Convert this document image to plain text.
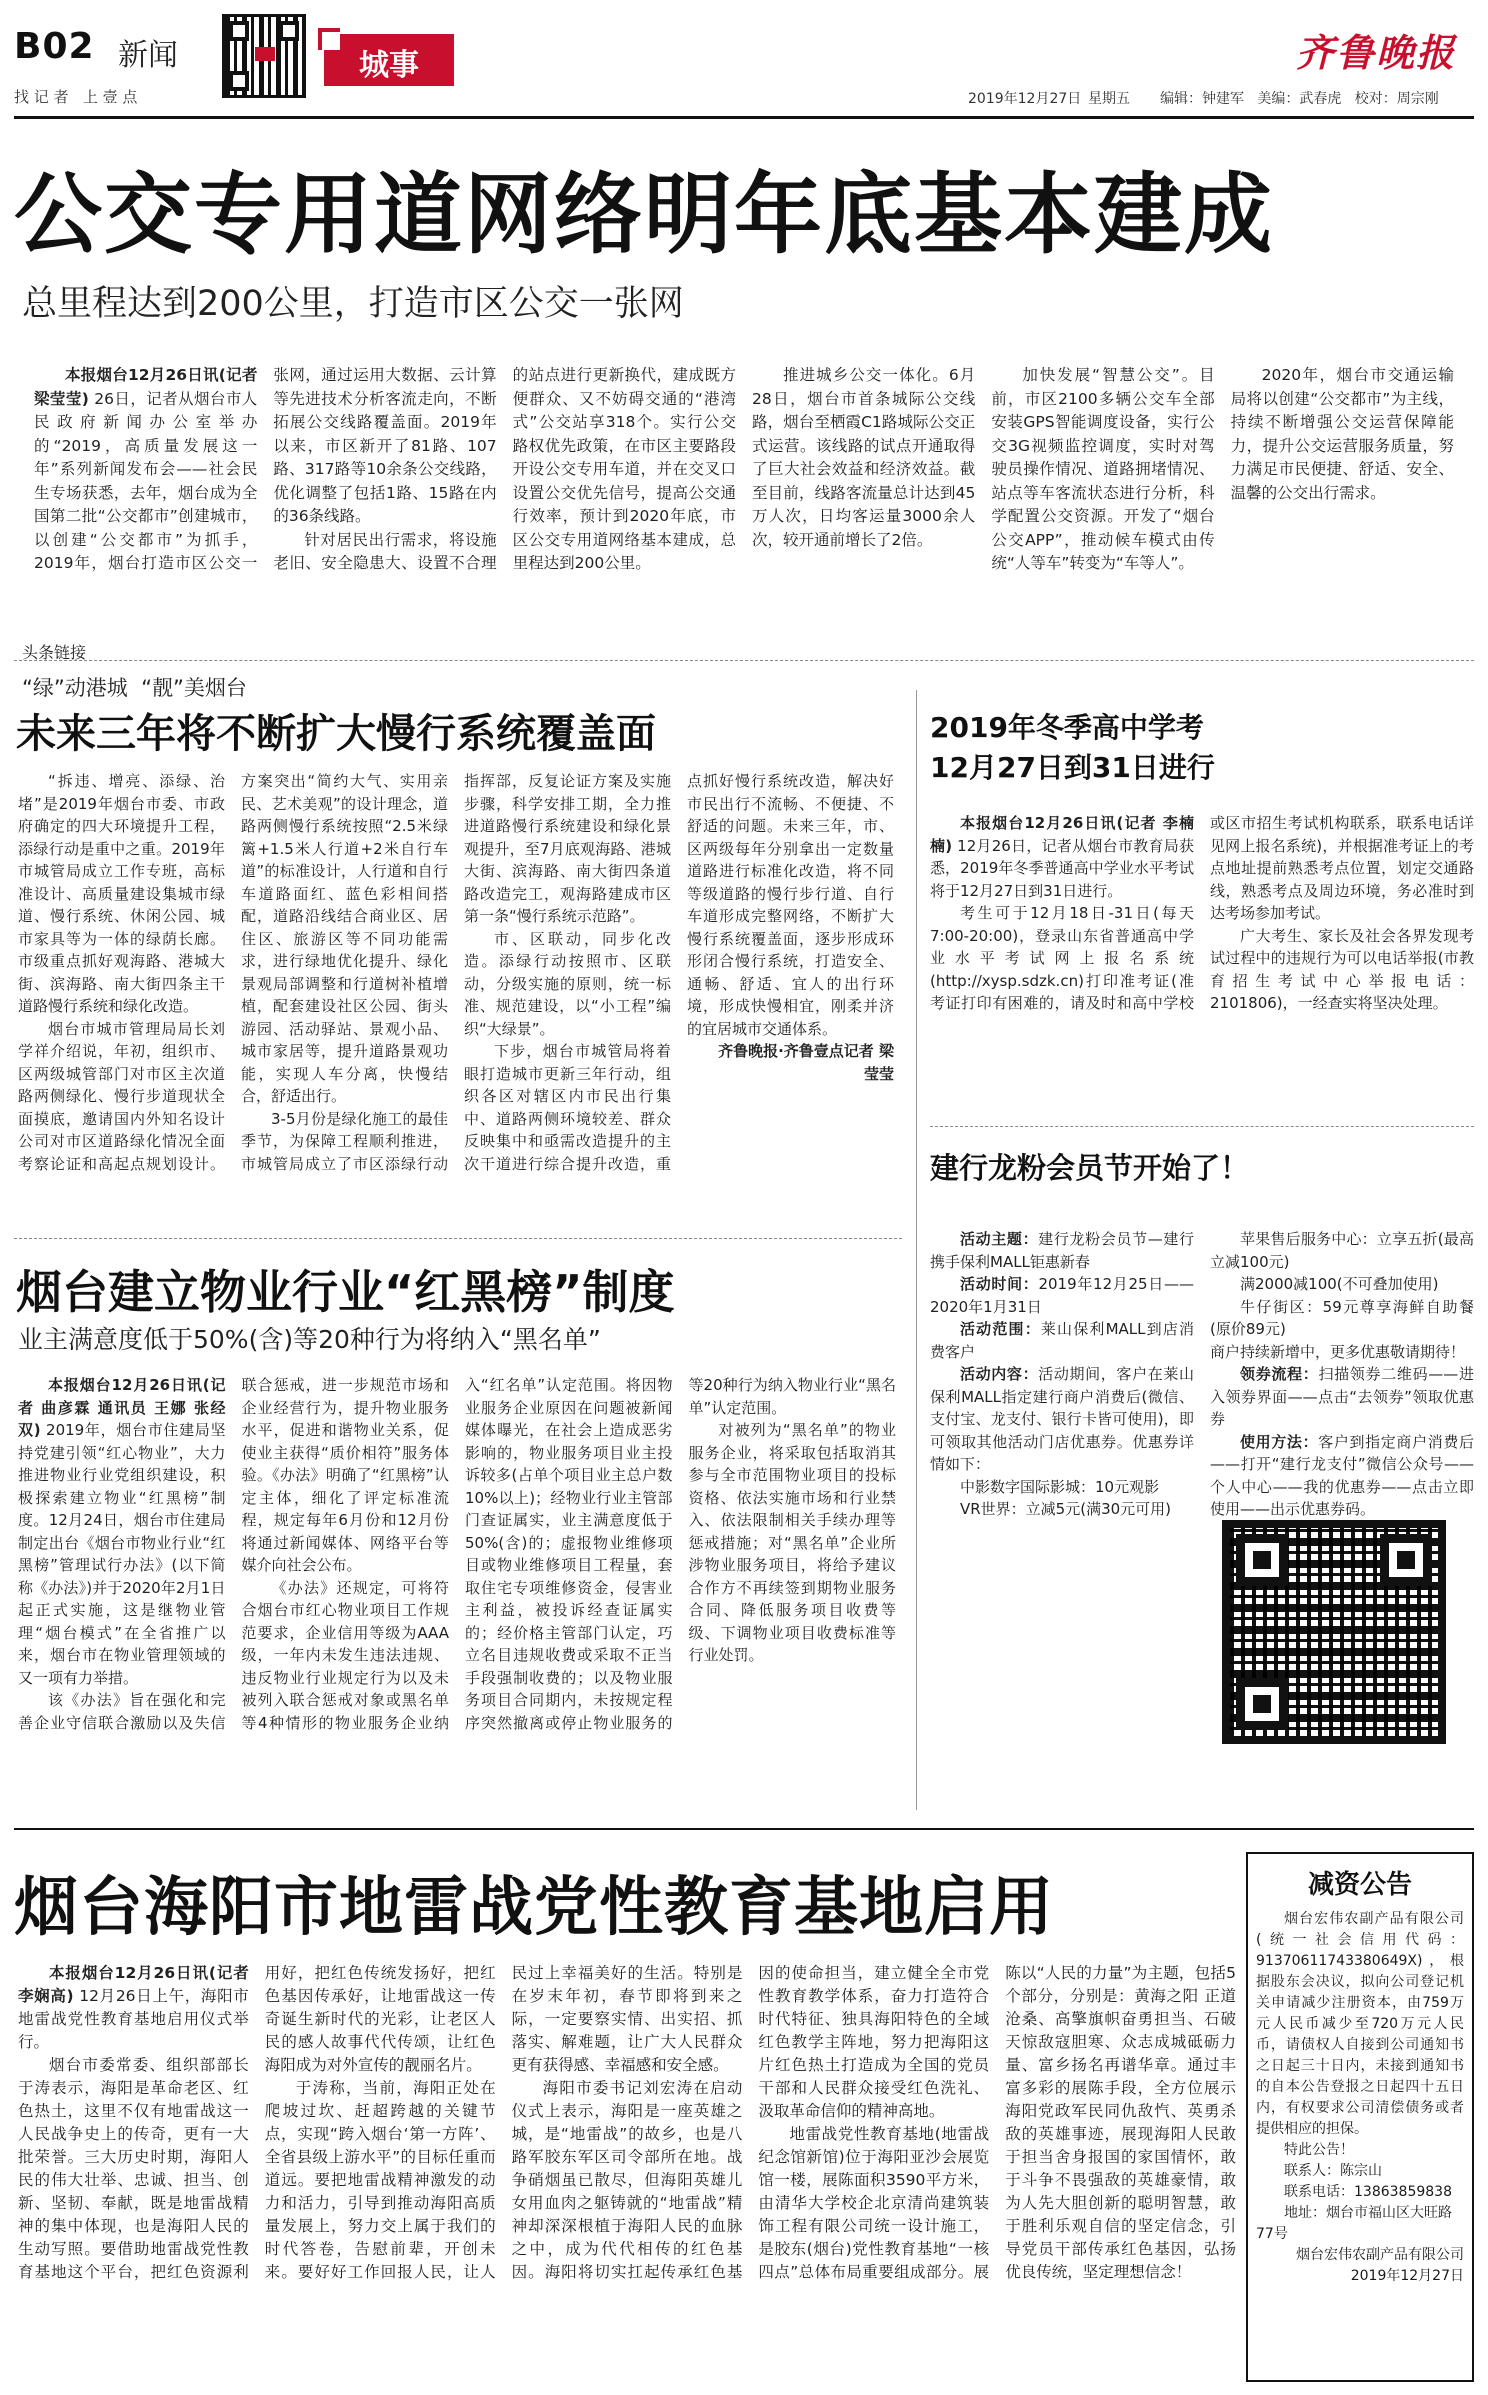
B02 新闻
找 记 者   上 壹 点
城事
2019年12月27日 星期五 编辑：钟建军   美编：武春虎   校对：周宗刚
齐鲁晚报
公交专用道网络明年底基本建成
总里程达到200公里，打造市区公交一张网

本报烟台12月26日讯(记者 梁莹莹) 26日，记者从烟台市人民政府新闻办公室举办的“2019，高质量发展这一年”系列新闻发布会——社会民生专场获悉，去年，烟台成为全国第二批“公交都市”创建城市，以创建“公交都市”为抓手，2019年，烟台打造市区公交一张网，通过运用大数据、云计算等先进技术分析客流走向，不断拓展公交线路覆盖面。2019年以来，市区新开了81路、107路、317路等10余条公交线路，优化调整了包括1路、15路在内的36条线路。

针对居民出行需求，将设施老旧、安全隐患大、设置不合理的站点进行更新换代，建成既方便群众、又不妨碍交通的“港湾式”公交站享318个。实行公交路权优先政策，在市区主要路段开设公交专用车道，并在交叉口设置公交优先信号，提高公交通行效率，预计到2020年底，市区公交专用道网络基本建成，总里程达到200公里。

推进城乡公交一体化。6月28日，烟台市首条城际公交线路，烟台至栖霞C1路城际公交正式运营。该线路的试点开通取得了巨大社会效益和经济效益。截至目前，线路客流量总计达到45万人次，日均客运量3000余人次，较开通前增长了2倍。

加快发展“智慧公交”。目前，市区2100多辆公交车全部安装GPS智能调度设备，实行公交3G视频监控调度，实时对驾驶员操作情况、道路拥堵情况、站点等车客流状态进行分析，科学配置公交资源。开发了“烟台公交APP”，推动候车模式由传统“人等车”转变为“车等人”。

2020年，烟台市交通运输局将以创建“公交都市”为主线，持续不断增强公交运营保障能力，提升公交运营服务质量，努力满足市民便捷、舒适、安全、温馨的公交出行需求。

头条链接
“绿”动港城  “靓”美烟台
未来三年将不断扩大慢行系统覆盖面

“拆违、增亮、添绿、治堵”是2019年烟台市委、市政府确定的四大环境提升工程，添绿行动是重中之重。2019年市城管局成立工作专班，高标准设计、高质量建设集城市绿道、慢行系统、休闲公园、城市家具等为一体的绿荫长廊。市级重点抓好观海路、港城大街、滨海路、南大街四条主干道路慢行系统和绿化改造。

烟台市城市管理局局长刘学祥介绍说，年初，组织市、区两级城管部门对市区主次道路两侧绿化、慢行步道现状全面摸底，邀请国内外知名设计公司对市区道路绿化情况全面考察论证和高起点规划设计。方案突出“简约大气、实用亲民、艺术美观”的设计理念，道路两侧慢行系统按照“2.5米绿篱+1.5米人行道+2米自行车道”的标准设计，人行道和自行车道路面红、蓝色彩相间搭配，道路沿线结合商业区、居住区、旅游区等不同功能需求，进行绿地优化提升、绿化景观局部调整和行道树补植增植，配套建设社区公园、街头游园、活动驿站、景观小品、城市家居等，提升道路景观功能，实现人车分离，快慢结合，舒适出行。

3-5月份是绿化施工的最佳季节，为保障工程顺利推进，市城管局成立了市区添绿行动指挥部，反复论证方案及实施步骤，科学安排工期，全力推进道路慢行系统建设和绿化景观提升，至7月底观海路、港城大街、滨海路、南大街四条道路改造完工，观海路建成市区第一条“慢行系统示范路”。

市、区联动，同步化改造。添绿行动按照市、区联动，分级实施的原则，统一标准、规范建设，以“小工程”编织“大绿景”。

下步，烟台市城管局将着眼打造城市更新三年行动，组织各区对辖区内市民出行集中、道路两侧环境较差、群众反映集中和亟需改造提升的主次干道进行综合提升改造，重点抓好慢行系统改造，解决好市民出行不流畅、不便捷、不舒适的问题。未来三年，市、区两级每年分别拿出一定数量道路进行标准化改造，将不同等级道路的慢行步行道、自行车道形成完整网络，不断扩大慢行系统覆盖面，逐步形成环形闭合慢行系统，打造安全、通畅、舒适、宜人的出行环境，形成快慢相宜，刚柔并济的宜居城市交通体系。

齐鲁晚报·齐鲁壹点记者 梁莹莹

2019年冬季高中学考
12月27日到31日进行

本报烟台12月26日讯(记者 李楠楠) 12月26日，记者从烟台市教育局获悉，2019年冬季普通高中学业水平考试将于12月27日到31日进行。

考生可于12月18日-31日(每天7:00-20:00)，登录山东省普通高中学业水平考试网上报名系统(http://xysp.sdzk.cn)打印准考证(准考证打印有困难的，请及时和高中学校或区市招生考试机构联系，联系电话详见网上报名系统)，并根据准考证上的考点地址提前熟悉考点位置，划定交通路线，熟悉考点及周边环境，务必准时到达考场参加考试。

广大考生、家长及社会各界发现考试过程中的违规行为可以电话举报(市教育招生考试中心举报电话：2101806)，一经查实将坚决处理。

建行龙粉会员节开始了！

活动主题：建行龙粉会员节—建行携手保利MALL钜惠新春

活动时间：2019年12月25日——2020年1月31日

活动范围：莱山保利MALL到店消费客户

活动内容：活动期间，客户在莱山保利MALL指定建行商户消费后(微信、支付宝、龙支付、银行卡皆可使用)，即可领取其他活动门店优惠券。优惠券详情如下：

中影数字国际影城：10元观影

VR世界：立减5元(满30元可用)

苹果售后服务中心：立享五折(最高立减100元)

满2000减100(不可叠加使用)

牛仔街区：59元尊享海鲜自助餐(原价89元)

商户持续新增中，更多优惠敬请期待！

领券流程：扫描领券二维码——进入领券界面——点击“去领券”领取优惠券

使用方法：客户到指定商户消费后——打开“建行龙支付”微信公众号——个人中心——我的优惠券——点击立即使用——出示优惠券码。

烟台建立物业行业“红黑榜”制度
业主满意度低于50%(含)等20种行为将纳入“黑名单”

本报烟台12月26日讯(记者 曲彦霖 通讯员 王娜 张经双) 2019年，烟台市住建局坚持党建引领“红心物业”，大力推进物业行业党组织建设，积极探索建立物业“红黑榜”制度。12月24日，烟台市住建局制定出台《烟台市物业行业“红黑榜”管理试行办法》(以下简称《办法》)并于2020年2月1日起正式实施，这是继物业管理“烟台模式”在全省推广以来，烟台市在物业管理领域的又一项有力举措。

该《办法》旨在强化和完善企业守信联合激励以及失信联合惩戒，进一步规范市场和企业经营行为，提升物业服务水平，促进和谐物业关系，促使业主获得“质价相符”服务体验。《办法》明确了“红黑榜”认定主体，细化了评定标准流程，规定每年6月份和12月份将通过新闻媒体、网络平台等媒介向社会公布。

《办法》还规定，可将符合烟台市红心物业项目工作规范要求，企业信用等级为AAA级，一年内未发生违法违规、违反物业行业规定行为以及未被列入联合惩戒对象或黑名单等4种情形的物业服务企业纳入“红名单”认定范围。将因物业服务企业原因在问题被新闻媒体曝光，在社会上造成恶劣影响的，物业服务项目业主投诉较多(占单个项目业主总户数10%以上)；经物业行业主管部门查证属实，业主满意度低于50%(含)的；虚报物业维修项目或物业维修项目工程量，套取住宅专项维修资金，侵害业主利益，被投诉经查证属实的；经价格主管部门认定，巧立名目违规收费或采取不正当手段强制收费的；以及物业服务项目合同期内，未按规定程序突然撤离或停止物业服务的等20种行为纳入物业行业“黑名单”认定范围。

对被列为“黑名单”的物业服务企业，将采取包括取消其参与全市范围物业项目的投标资格、依法实施市场和行业禁入、依法限制相关手续办理等惩戒措施；对“黑名单”企业所涉物业服务项目，将给予建议合作方不再续签到期物业服务合同、降低服务项目收费等级、下调物业项目收费标准等行业处罚。

烟台海阳市地雷战党性教育基地启用

本报烟台12月26日讯(记者 李娴高) 12月26日上午，海阳市地雷战党性教育基地启用仪式举行。

烟台市委常委、组织部部长于涛表示，海阳是革命老区、红色热土，这里不仅有地雷战这一人民战争史上的传奇，更有一大批荣誉。三大历史时期，海阳人民的伟大壮举、忠诚、担当、创新、坚韧、奉献，既是地雷战精神的集中体现，也是海阳人民的生动写照。要借助地雷战党性教育基地这个平台，把红色资源利用好，把红色传统发扬好，把红色基因传承好，让地雷战这一传奇诞生新时代的光彩，让老区人民的感人故事代代传颂，让红色海阳成为对外宣传的靓丽名片。

于涛称，当前，海阳正处在爬坡过坎、赶超跨越的关键节点，实现“跨入烟台‘第一方阵’、全省县级上游水平”的目标任重而道远。要把地雷战精神激发的动力和活力，引导到推动海阳高质量发展上，努力交上属于我们的时代答卷，告慰前辈，开创未来。要好好工作回报人民，让人民过上幸福美好的生活。特别是在岁末年初，春节即将到来之际，一定要察实情、出实招、抓落实、解难题，让广大人民群众更有获得感、幸福感和安全感。

海阳市委书记刘宏涛在启动仪式上表示，海阳是一座英雄之城，是“地雷战”的故乡，也是八路军胶东军区司令部所在地。战争硝烟虽已散尽，但海阳英雄儿女用血肉之躯铸就的“地雷战”精神却深深根植于海阳人民的血脉之中，成为代代相传的红色基因。海阳将切实扛起传承红色基因的使命担当，建立健全全市党性教育教学体系，奋力打造符合时代特征、独具海阳特色的全域红色教学主阵地，努力把海阳这片红色热土打造成为全国的党员干部和人民群众接受红色洗礼、汲取革命信仰的精神高地。

地雷战党性教育基地(地雷战纪念馆新馆)位于海阳亚沙会展览馆一楼，展陈面积3590平方米，由清华大学校企北京清尚建筑装饰工程有限公司统一设计施工，是胶东(烟台)党性教育基地“一核四点”总体布局重要组成部分。展陈以“人民的力量”为主题，包括5个部分，分别是：黄海之阳 正道沧桑、高擎旗帜奋勇担当、石破天惊敌寇胆寒、众志成城砥砺力量、富乡扬名再谱华章。通过丰富多彩的展陈手段，全方位展示海阳党政军民同仇敌忾、英勇杀敌的英雄事迹，展现海阳人民敢于担当舍身报国的家国情怀，敢于斗争不畏强敌的英雄豪情，敢为人先大胆创新的聪明智慧，敢于胜利乐观自信的坚定信念，引导党员干部传承红色基因，弘扬优良传统，坚定理想信念！

减资公告
烟台宏伟农副产品有限公司(统一社会信用代码：91370611743380649X)，根据股东会决议，拟向公司登记机关申请减少注册资本，由759万元人民币减少至720万元人民币，请债权人自接到公司通知书之日起三十日内，未接到通知书的自本公告登报之日起四十五日内，有权要求公司清偿债务或者提供相应的担保。
特此公告！
联系人：陈宗山
联系电话：13863859838
地址：烟台市福山区大旺路77号
烟台宏伟农副产品有限公司
2019年12月27日
